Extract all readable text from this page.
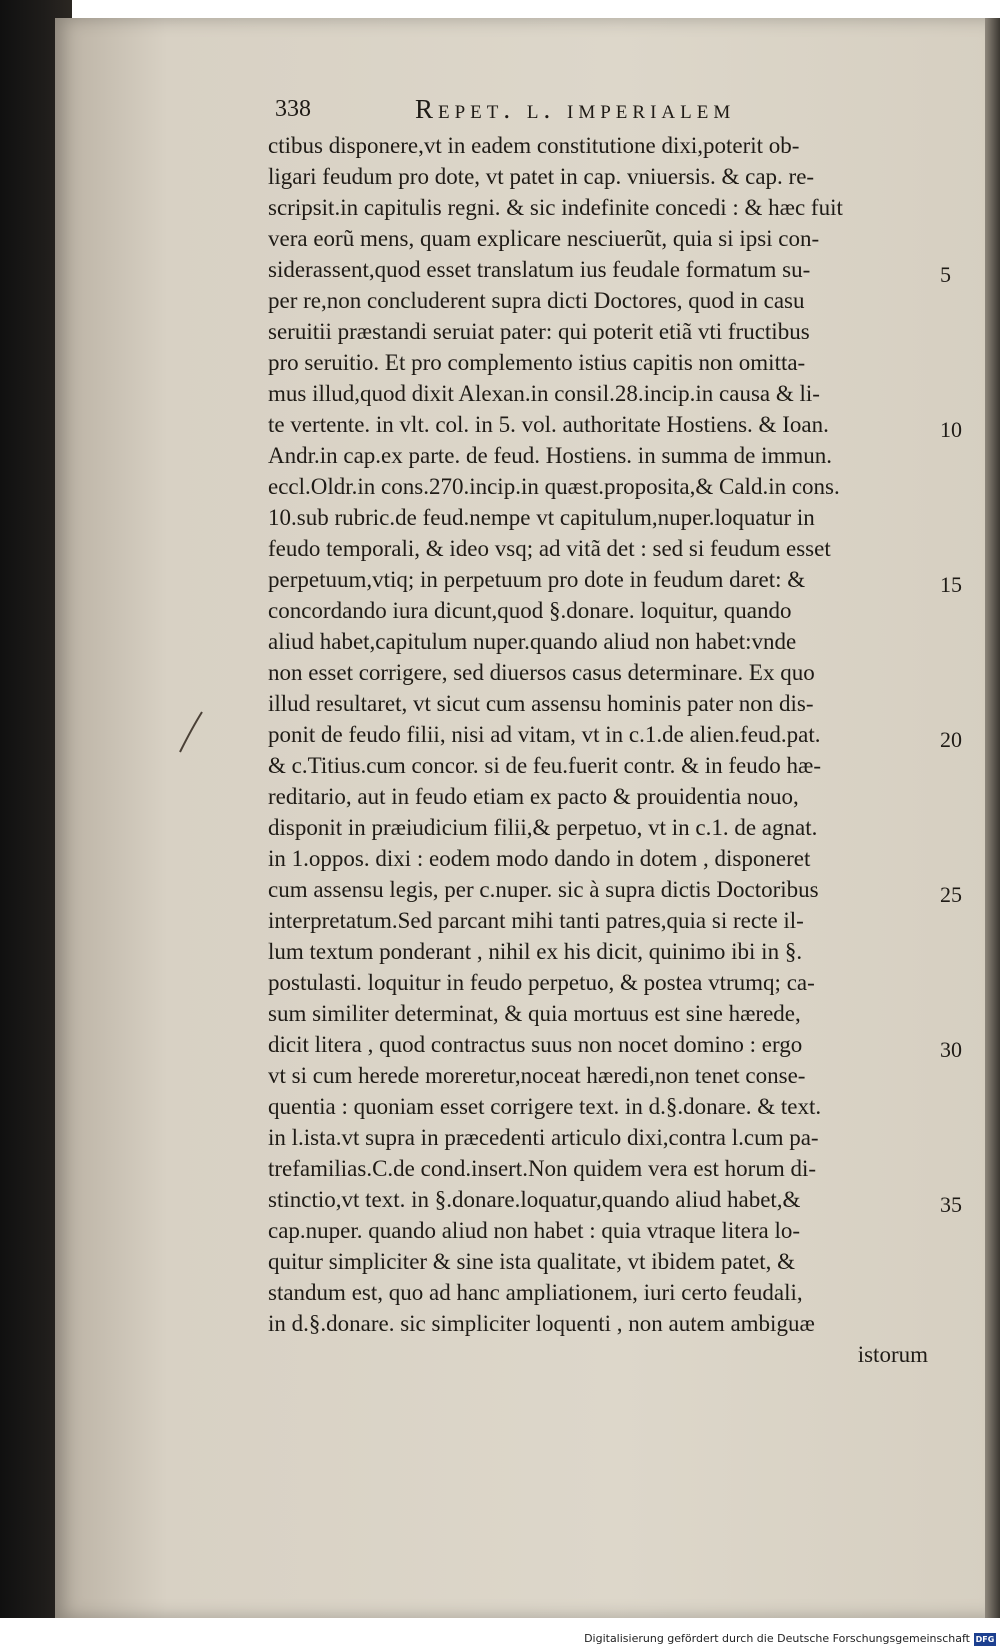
338	Repet. l. imperialem
ctibus disponere,vt in eadem constitutione dixi,poterit ob-
ligari feudum pro dote, vt patet in cap. vniuersis. & cap. re-
scripsit.in capitulis regni. & sic indefinite concedi : & hæc fuit
vera eorũ mens, quam explicare nesciuerũt, quia si ipsi con-
siderassent,quod esset translatum ius feudale formatum su-
per re,non concluderent supra dicti Doctores, quod in casu
seruitii præstandi seruiat pater: qui poterit etiã vti fructibus
pro seruitio. Et pro complemento istius capitis non omitta-
mus illud,quod dixit Alexan.in consil.28.incip.in causa & li-
te vertente. in vlt. col. in 5. vol. authoritate Hostiens. & Ioan.
Andr.in cap.ex parte. de feud. Hostiens. in summa de immun.
eccl.Oldr.in cons.270.incip.in quæst.proposita,& Cald.in cons.
10.sub rubric.de feud.nempe vt capitulum,nuper.loquatur in
feudo temporali, & ideo vsq; ad vitã det : sed si feudum esset
perpetuum,vtiq; in perpetuum pro dote in feudum daret: &
concordando iura dicunt,quod §.donare. loquitur, quando
aliud habet,capitulum nuper.quando aliud non habet:vnde
non esset corrigere, sed diuersos casus determinare. Ex quo
illud resultaret, vt sicut cum assensu hominis pater non dis-
ponit de feudo filii, nisi ad vitam, vt in c.1.de alien.feud.pat.
& c.Titius.cum concor. si de feu.fuerit contr. & in feudo hæ-
reditario, aut in feudo etiam ex pacto & prouidentia nouo,
disponit in præiudicium filii,& perpetuo, vt in c.1. de agnat.
in 1.oppos. dixi : eodem modo dando in dotem , disponeret
cum assensu legis, per c.nuper. sic à supra dictis Doctoribus
interpretatum.Sed parcant mihi tanti patres,quia si recte il-
lum textum ponderant , nihil ex his dicit, quinimo ibi in §.
postulasti. loquitur in feudo perpetuo, & postea vtrumq; ca-
sum similiter determinat, & quia mortuus est sine hærede,
dicit litera , quod contractus suus non nocet domino : ergo
vt si cum herede moreretur,noceat hæredi,non tenet conse-
quentia : quoniam esset corrigere text. in d.§.donare. & text.
in l.ista.vt supra in præcedenti articulo dixi,contra l.cum pa-
trefamilias.C.de cond.insert.Non quidem vera est horum di-
stinctio,vt text. in §.donare.loquatur,quando aliud habet,&
cap.nuper. quando aliud non habet : quia vtraque litera lo-
quitur simpliciter & sine ista qualitate, vt ibidem patet, &
standum est, quo ad hanc ampliationem, iuri certo feudali,
in d.§.donare. sic simpliciter loquenti , non autem ambiguæ
istorum
5
10
15
20
25
30
35
Digitalisierung gefördert durch die Deutsche Forschungsgemeinschaft DFG
